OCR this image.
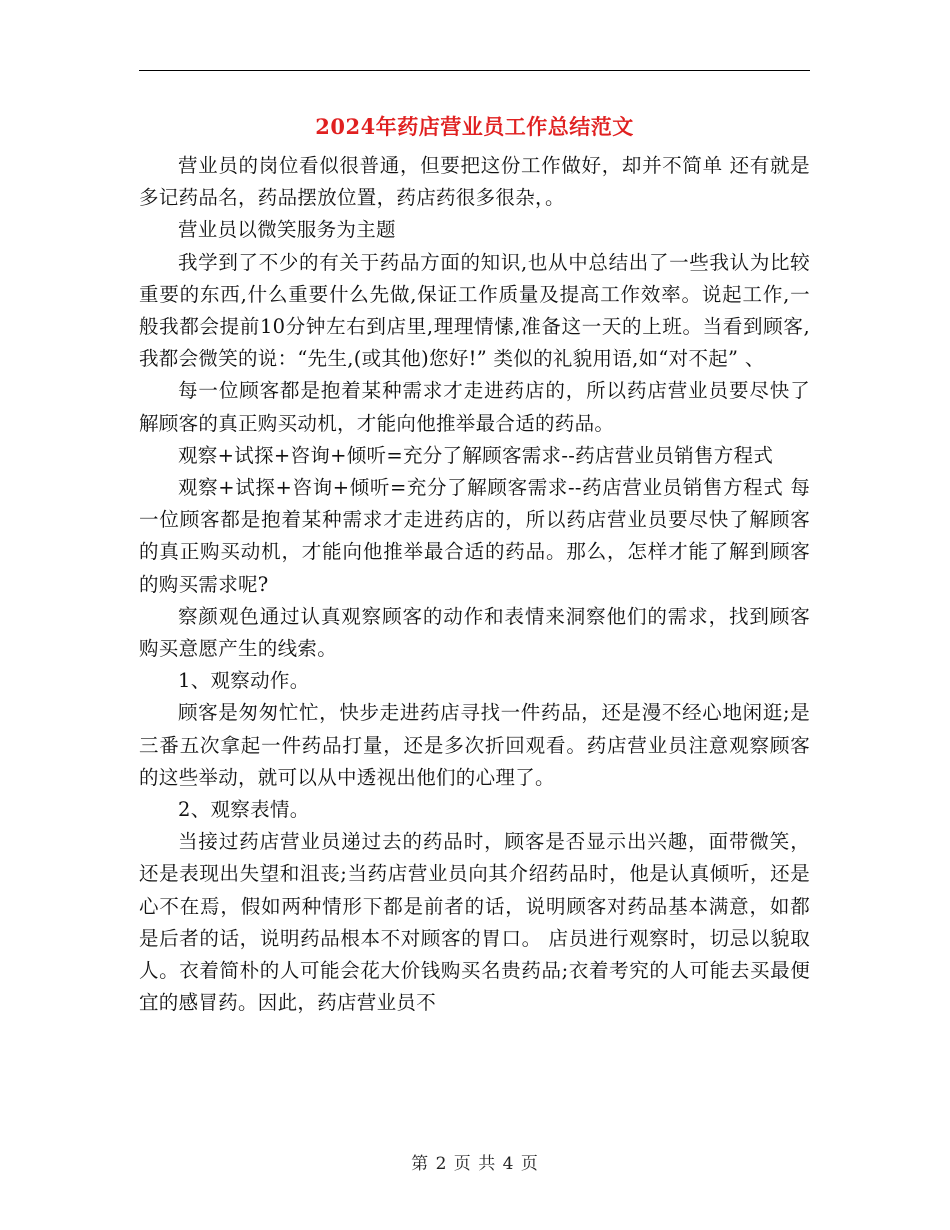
2024年药店营业员工作总结范文

营业员的岗位看似很普通，但要把这份工作做好，却并不简单 还有就是多记药品名，药品摆放位置，药店药很多很杂，。

营业员以微笑服务为主题

我学到了不少的有关于药品方面的知识,也从中总结出了一些我认为比较重要的东西,什么重要什么先做,保证工作质量及提高工作效率。说起工作,一般我都会提前10分钟左右到店里,理理情愫,准备这一天的上班。当看到顾客,我都会微笑的说：“先生,(或其他)您好!” 类似的礼貌用语,如“对不起” 、

每一位顾客都是抱着某种需求才走进药店的，所以药店营业员要尽快了解顾客的真正购买动机，才能向他推举最合适的药品。

观察+试探+咨询+倾听=充分了解顾客需求--药店营业员销售方程式

观察+试探+咨询+倾听=充分了解顾客需求--药店营业员销售方程式 每一位顾客都是抱着某种需求才走进药店的，所以药店营业员要尽快了解顾客的真正购买动机，才能向他推举最合适的药品。那么，怎样才能了解到顾客的购买需求呢?

察颜观色通过认真观察顾客的动作和表情来洞察他们的需求，找到顾客购买意愿产生的线索。

1、观察动作。

顾客是匆匆忙忙，快步走进药店寻找一件药品，还是漫不经心地闲逛;是三番五次拿起一件药品打量，还是多次折回观看。药店营业员注意观察顾客的这些举动，就可以从中透视出他们的心理了。

2、观察表情。

当接过药店营业员递过去的药品时，顾客是否显示出兴趣，面带微笑，还是表现出失望和沮丧;当药店营业员向其介绍药品时，他是认真倾听，还是心不在焉，假如两种情形下都是前者的话，说明顾客对药品基本满意，如都是后者的话，说明药品根本不对顾客的胃口。 店员进行观察时，切忌以貌取人。衣着简朴的人可能会花大价钱购买名贵药品;衣着考究的人可能去买最便宜的感冒药。因此，药店营业员不

第 2 页 共 4 页
